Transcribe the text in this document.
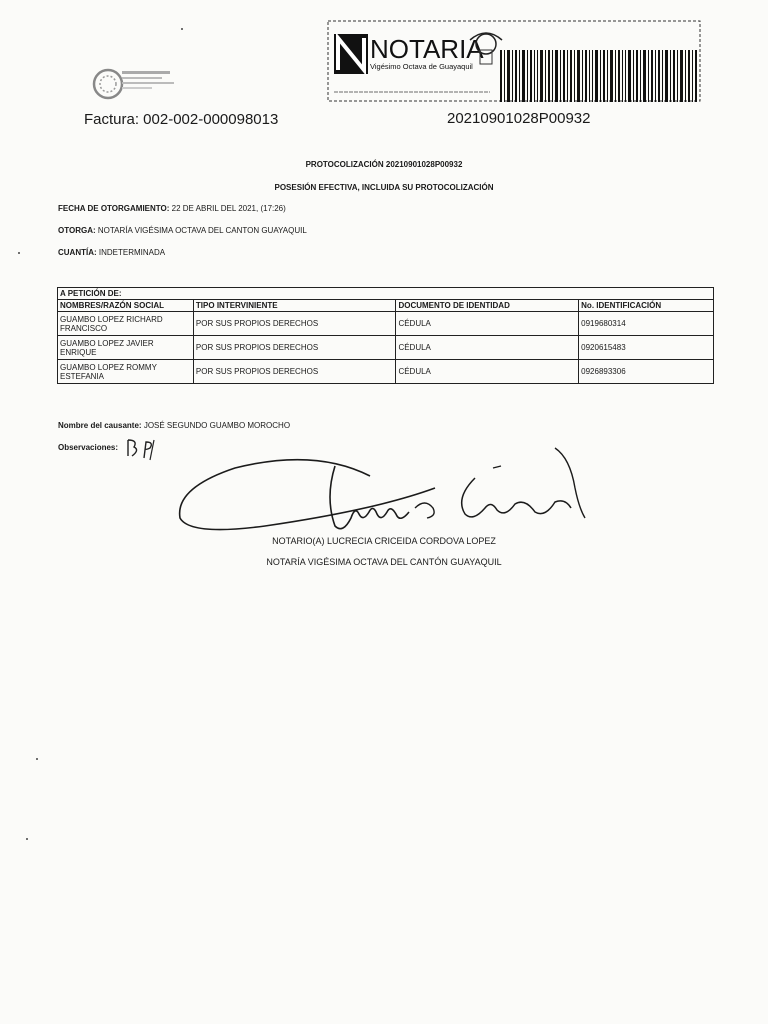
NOTARIA
Vigésimo Octava de Guayaquil
Factura: 002-002-000098013	20210901028P00932
PROTOCOLIZACIÓN 20210901028P00932
POSESIÓN EFECTIVA, INCLUIDA SU PROTOCOLIZACIÓN
FECHA DE OTORGAMIENTO: 22 DE ABRIL DEL 2021, (17:26)
OTORGA: NOTARÍA VIGÉSIMA OCTAVA DEL CANTON GUAYAQUIL
CUANTÍA: INDETERMINADA
A PETICIÓN DE:			
NOMBRES/RAZÓN SOCIAL	TIPO INTERVINIENTE	DOCUMENTO DE IDENTIDAD	No. IDENTIFICACIÓN
GUAMBO LOPEZ RICHARD FRANCISCO	POR SUS PROPIOS DERECHOS	CÉDULA	0919680314
GUAMBO LOPEZ JAVIER ENRIQUE	POR SUS PROPIOS DERECHOS	CÉDULA	0920615483
GUAMBO LOPEZ ROMMY ESTEFANIA	POR SUS PROPIOS DERECHOS	CÉDULA	0926893306
Nombre del causante: JOSÉ SEGUNDO GUAMBO MOROCHO
Observaciones:
NOTARIO(A) LUCRECIA CRICEIDA CORDOVA LOPEZ
NOTARÍA VIGÉSIMA OCTAVA DEL CANTÓN GUAYAQUIL
